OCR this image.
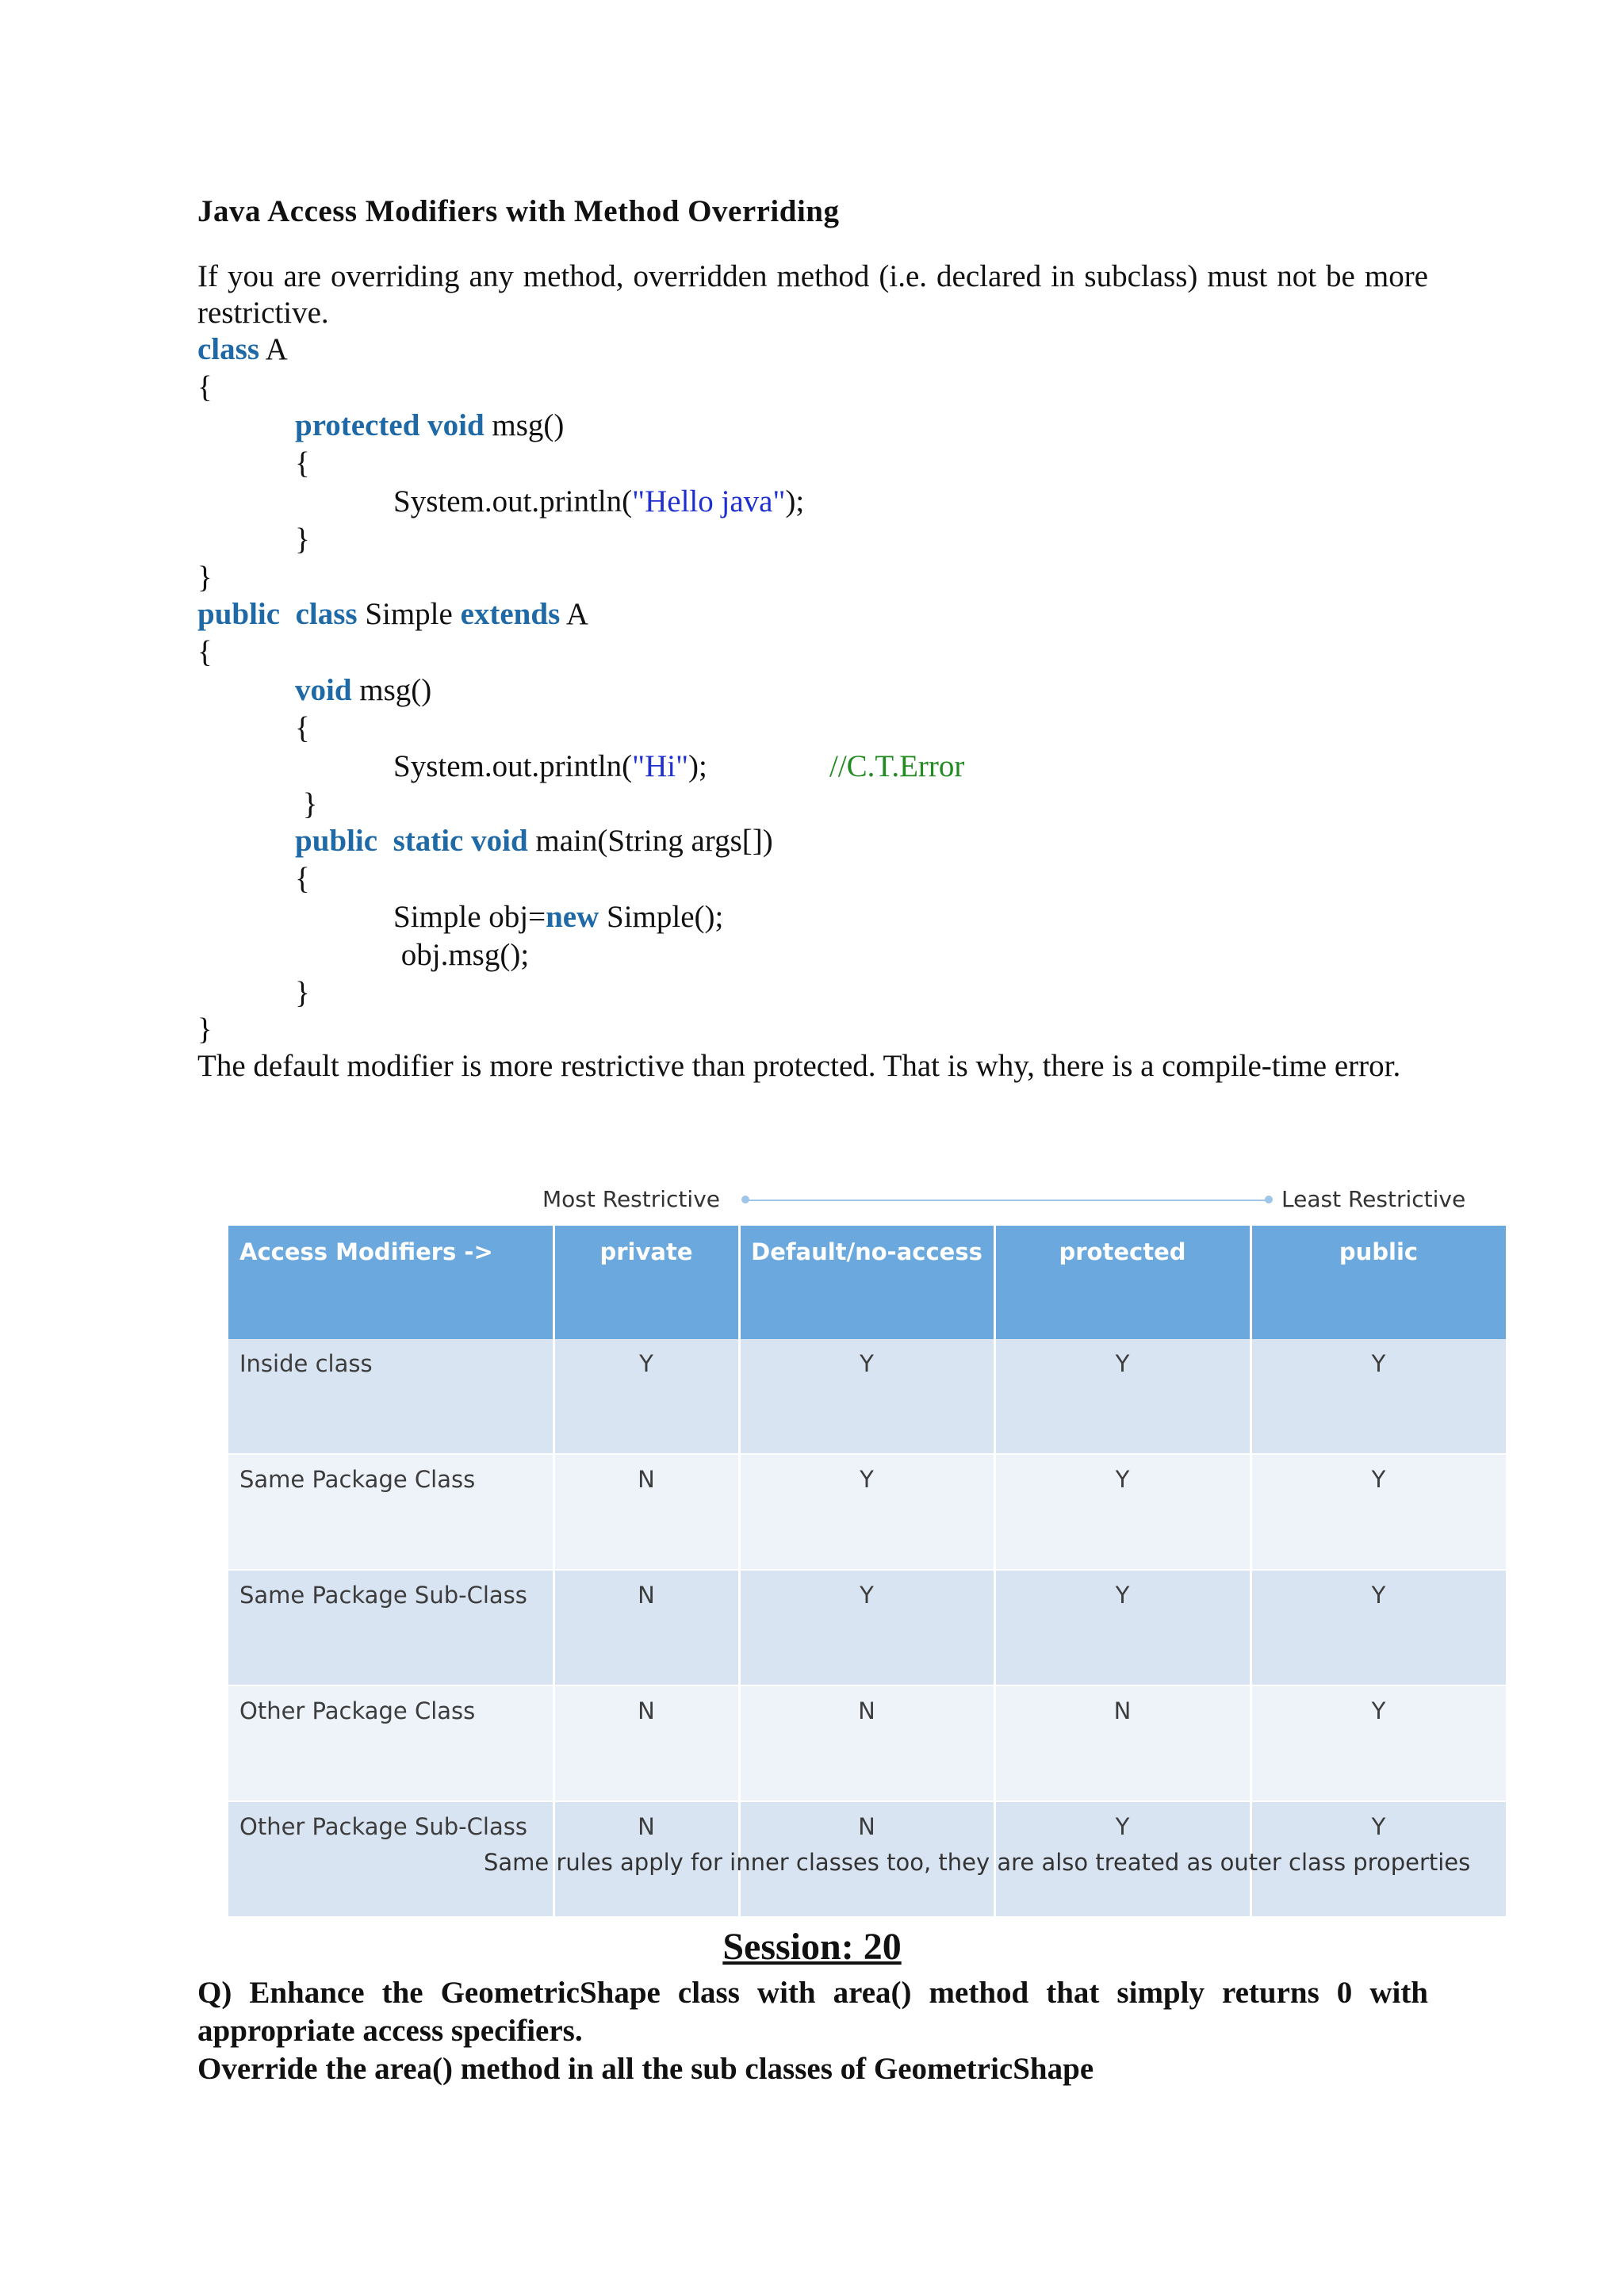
Java Access Modifiers with Method Overriding
If you are overriding any method, overridden method (i.e. declared in subclass) must not be more restrictive.
class A
{
protected void msg()
{
System.out.println("Hello java");
}
}
public class Simple extends A
{
void msg()
{
System.out.println("Hi");	//C.T.Error
}
public static void main(String args[])
{
Simple obj=new Simple();
obj.msg();
}
}
The default modifier is more restrictive than protected. That is why, there is a compile-time error.
Most Restrictive	Least Restrictive
Access Modifiers ->	private	Default/no-access	protected	public
Inside class	Y	Y	Y	Y
Same Package Class	N	Y	Y	Y
Same Package Sub-Class	N	Y	Y	Y
Other Package Class	N	N	N	Y
Other Package Sub-Class	N	N	Y	Y
Same rules apply for inner classes too, they are also treated as outer class properties
Session: 20
Q) Enhance the GeometricShape class with area() method that simply returns 0 with appropriate access specifiers.
Override the area() method in all the sub classes of GeometricShape
